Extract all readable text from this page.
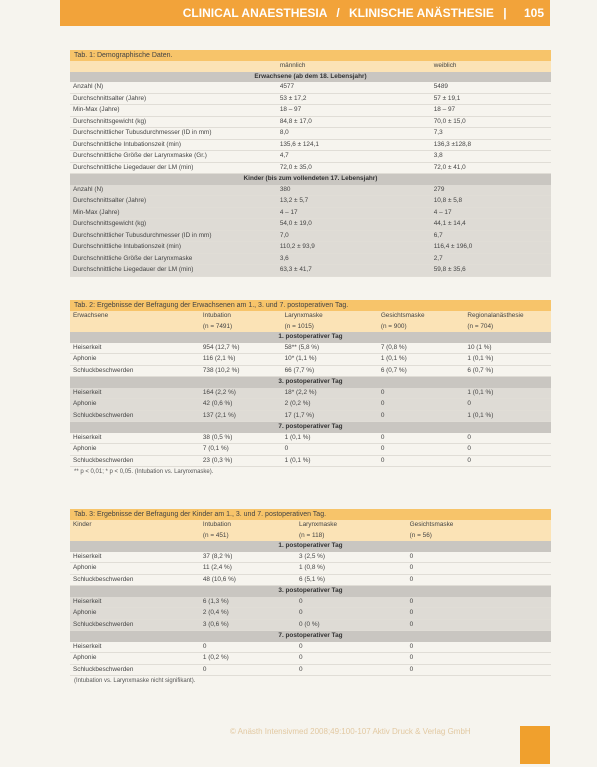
CLINICAL ANAESTHESIA / KLINISCHE ANÄSTHESIE | 105
Tab. 1: Demographische Daten.
	männlich	weiblich
Erwachsene (ab dem 18. Lebensjahr)		
Anzahl (N)	4577	5489
Durchschnittsalter (Jahre)	53 ± 17,2	57 ± 19,1
Min-Max (Jahre)	18 – 97	18 – 97
Durchschnittsgewicht (kg)	84,8 ± 17,0	70,0 ± 15,0
Durchschnittlicher Tubusdurchmesser (ID in mm)	8,0	7,3
Durchschnittliche Intubationszeit (min)	135,6 ± 124,1	136,3 ±128,8
Durchschnittliche Größe der Larynxmaske (Gr.)	4,7	3,8
Durchschnittliche Liegedauer der LM (min)	72,0 ± 35,0	72,0 ± 41,0
Kinder (bis zum vollendeten 17. Lebensjahr)		
Anzahl (N)	380	279
Durchschnittsalter (Jahre)	13,2 ± 5,7	10,8 ± 5,8
Min-Max (Jahre)	4 – 17	4 – 17
Durchschnittsgewicht (kg)	54,0 ± 19,0	44,1 ± 14,4
Durchschnittlicher Tubusdurchmesser (ID in mm)	7,0	6,7
Durchschnittliche Intubationszeit (min)	110,2 ± 93,9	116,4 ± 196,0
Durchschnittliche Größe der Larynxmaske	3,6	2,7
Durchschnittliche Liegedauer der LM (min)	63,3 ± 41,7	59,8 ± 35,6
Tab. 2: Ergebnisse der Befragung der Erwachsenen am 1., 3. und 7. postoperativen Tag.
Erwachsene	Intubation	Larynxmaske	Gesichtsmaske	Regionalanästhesie
	(n = 7491)	(n = 1015)	(n = 900)	(n = 704)
1. postoperativer Tag				
Heiserkeit	954 (12,7 %)	58** (5,8 %)	7 (0,8 %)	10 (1 %)
Aphonie	116 (2,1 %)	10* (1,1 %)	1 (0,1 %)	1 (0,1 %)
Schluckbeschwerden	738 (10,2 %)	66 (7,7 %)	6 (0,7 %)	6 (0,7 %)
3. postoperativer Tag				
Heiserkeit	164 (2,2 %)	18* (2,2 %)	0	1 (0,1 %)
Aphonie	42 (0,6 %)	2 (0,2 %)	0	0
Schluckbeschwerden	137 (2,1 %)	17 (1,7 %)	0	1 (0,1 %)
7. postoperativer Tag				
Heiserkeit	38 (0,5 %)	1 (0,1 %)	0	0
Aphonie	7 (0,1 %)	0	0	0
Schluckbeschwerden	23 (0,3 %)	1 (0,1 %)	0	0
** p < 0,01; * p < 0,05. (Intubation vs. Larynxmaske).
Tab. 3: Ergebnisse der Befragung der Kinder am 1., 3. und 7. postoperativen Tag.
Kinder	Intubation	Larynxmaske	Gesichtsmaske
	(n = 451)	(n = 118)	(n = 56)
1. postoperativer Tag			
Heiserkeit	37 (8,2 %)	3 (2,5 %)	0
Aphonie	11 (2,4 %)	1 (0,8 %)	0
Schluckbeschwerden	48 (10,6 %)	6 (5,1 %)	0
3. postoperativer Tag			
Heiserkeit	6 (1,3 %)	0	0
Aphonie	2 (0,4 %)	0	0
Schluckbeschwerden	3 (0,6 %)	0 (0 %)	0
7. postoperativer Tag			
Heiserkeit	0	0	0
Aphonie	1 (0,2 %)	0	0
Schluckbeschwerden	0	0	0
(Intubation vs. Larynxmaske nicht signifikant).
© Anästh Intensivmed 2008;49:100-107 Aktiv Druck & Verlag GmbH
